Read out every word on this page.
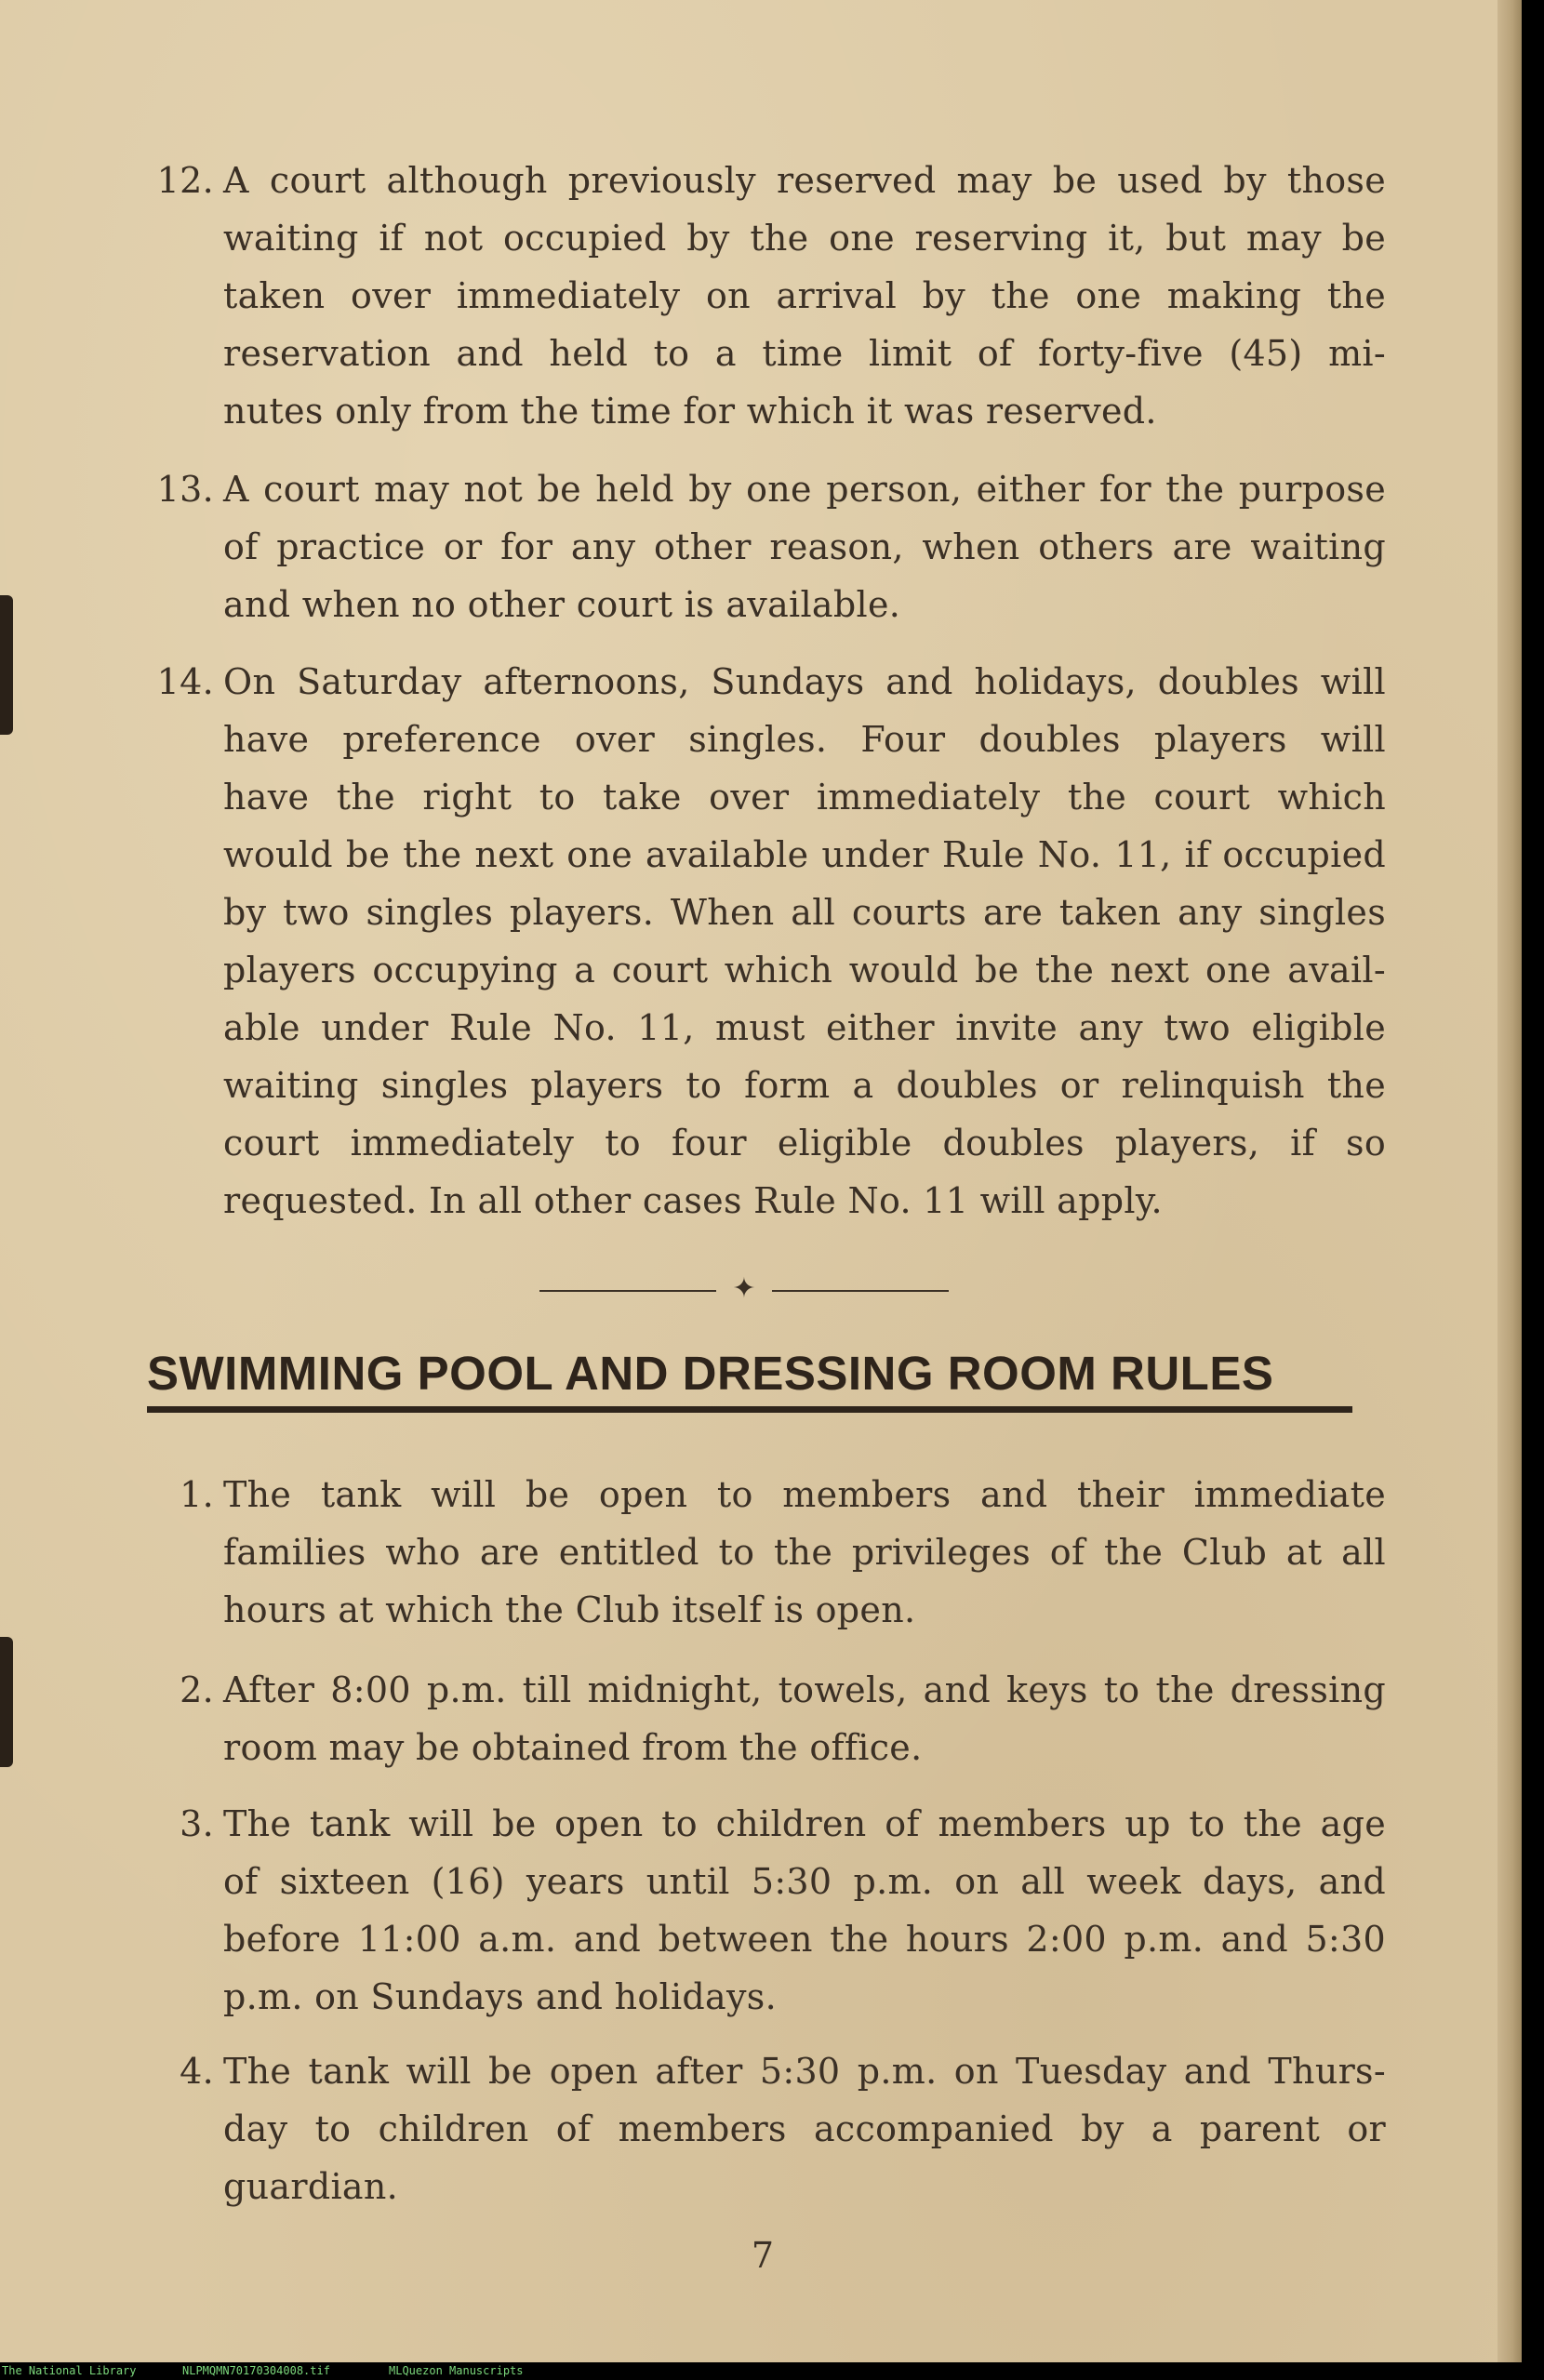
12. A court although previously reserved may be used by those
waiting if not occupied by the one reserving it, but may be
taken over immediately on arrival by the one making the
reservation and held to a time limit of forty-five (45) mi-
nutes only from the time for which it was reserved.
13. A court may not be held by one person, either for the purpose
of practice or for any other reason, when others are waiting
and when no other court is available.
14. On Saturday afternoons, Sundays and holidays, doubles will
have preference over singles. Four doubles players will
have the right to take over immediately the court which
would be the next one available under Rule No. 11, if occupied
by two singles players. When all courts are taken any singles
players occupying a court which would be the next one avail-
able under Rule No. 11, must either invite any two eligible
waiting singles players to form a doubles or relinquish the
court immediately to four eligible doubles players, if so
requested. In all other cases Rule No. 11 will apply.
✦
SWIMMING POOL AND DRESSING ROOM RULES
1. The tank will be open to members and their immediate
families who are entitled to the privileges of the Club at all
hours at which the Club itself is open.
2. After 8:00 p.m. till midnight, towels, and keys to the dressing
room may be obtained from the office.
3. The tank will be open to children of members up to the age
of sixteen (16) years until 5:30 p.m. on all week days, and
before 11:00 a.m. and between the hours 2:00 p.m. and 5:30
p.m. on Sundays and holidays.
4. The tank will be open after 5:30 p.m. on Tuesday and Thurs-
day to children of members accompanied by a parent or
guardian.
7
The National Library	NLPMQMN70170304008.tif	MLQuezon Manuscripts
